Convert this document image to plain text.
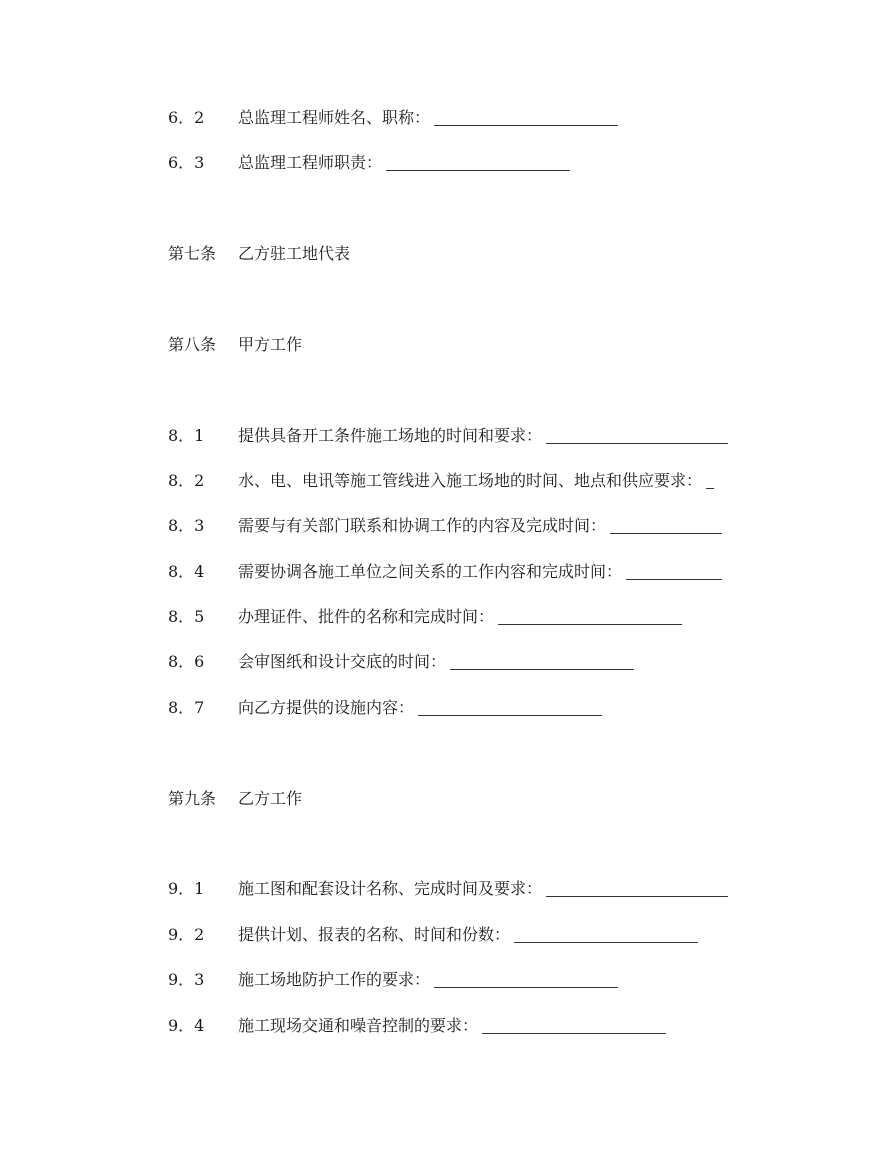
6．2 总监理工程师姓名、职称：
6．3 总监理工程师职责：
第七条 乙方驻工地代表
第八条 甲方工作
8．1 提供具备开工条件施工场地的时间和要求：
8．2 水、电、电讯等施工管线进入施工场地的时间、地点和供应要求：
8．3 需要与有关部门联系和协调工作的内容及完成时间：
8．4 需要协调各施工单位之间关系的工作内容和完成时间：
8．5 办理证件、批件的名称和完成时间：
8．6 会审图纸和设计交底的时间：
8．7 向乙方提供的设施内容：
第九条 乙方工作
9．1 施工图和配套设计名称、完成时间及要求：
9．2 提供计划、报表的名称、时间和份数：
9．3 施工场地防护工作的要求：
9．4 施工现场交通和噪音控制的要求：
